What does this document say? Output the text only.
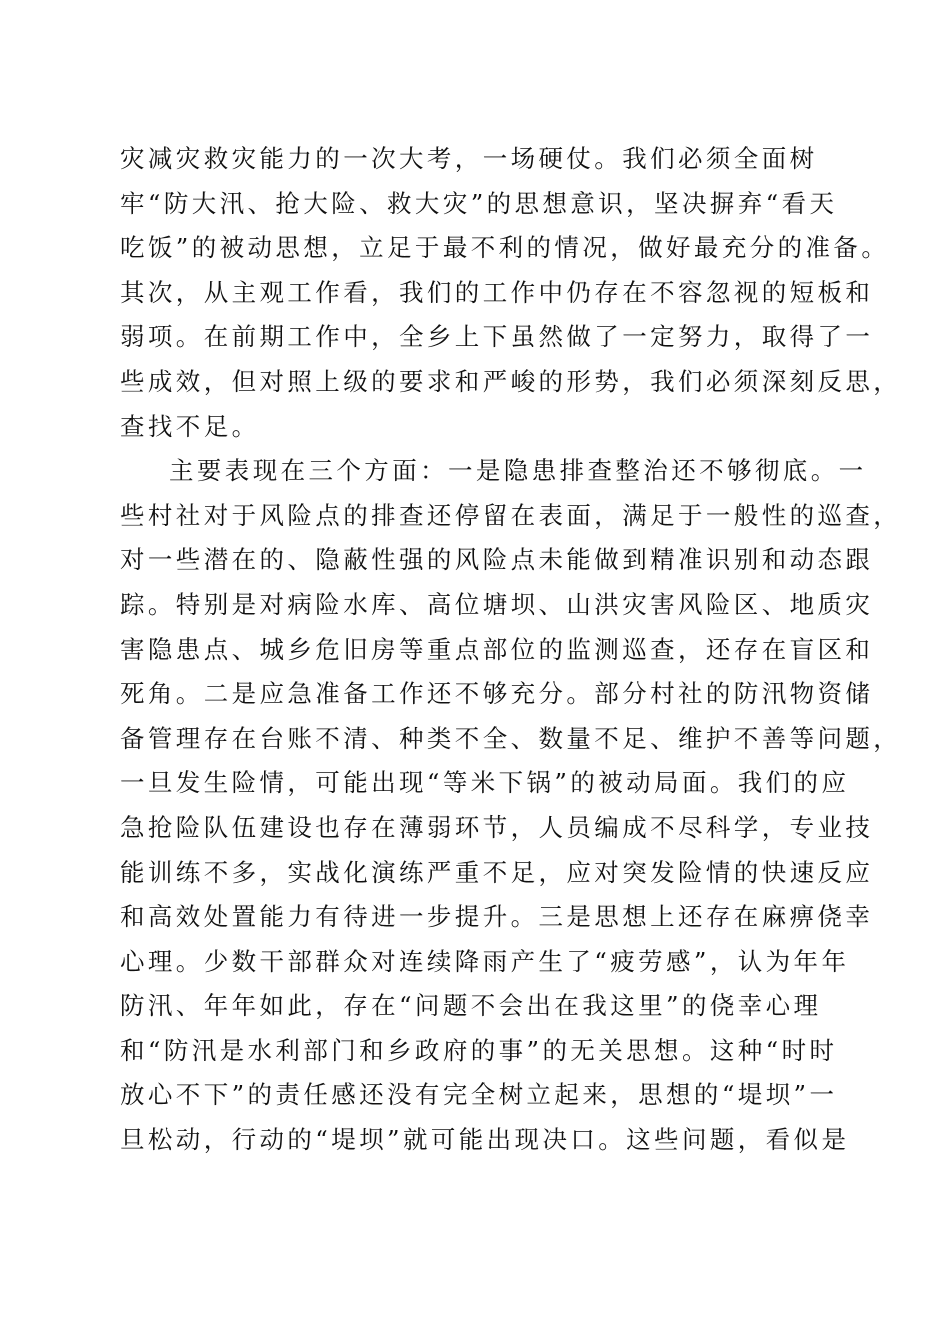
灾减灾救灾能力的一次大考，一场硬仗。我们必须全面树
牢“防大汛、抢大险、救大灾”的思想意识，坚决摒弃“看天
吃饭”的被动思想，立足于最不利的情况，做好最充分的准备。
其次，从主观工作看，我们的工作中仍存在不容忽视的短板和
弱项。在前期工作中，全乡上下虽然做了一定努力，取得了一
些成效，但对照上级的要求和严峻的形势，我们必须深刻反思，
查找不足。
主要表现在三个方面：一是隐患排查整治还不够彻底。一
些村社对于风险点的排查还停留在表面，满足于一般性的巡查，
对一些潜在的、隐蔽性强的风险点未能做到精准识别和动态跟
踪。特别是对病险水库、高位塘坝、山洪灾害风险区、地质灾
害隐患点、城乡危旧房等重点部位的监测巡查，还存在盲区和
死角。二是应急准备工作还不够充分。部分村社的防汛物资储
备管理存在台账不清、种类不全、数量不足、维护不善等问题，
一旦发生险情，可能出现“等米下锅”的被动局面。我们的应
急抢险队伍建设也存在薄弱环节，人员编成不尽科学，专业技
能训练不多，实战化演练严重不足，应对突发险情的快速反应
和高效处置能力有待进一步提升。三是思想上还存在麻痹侥幸
心理。少数干部群众对连续降雨产生了“疲劳感”，认为年年
防汛、年年如此，存在“问题不会出在我这里”的侥幸心理
和“防汛是水利部门和乡政府的事”的无关思想。这种“时时
放心不下”的责任感还没有完全树立起来，思想的“堤坝”一
旦松动，行动的“堤坝”就可能出现决口。这些问题，看似是
